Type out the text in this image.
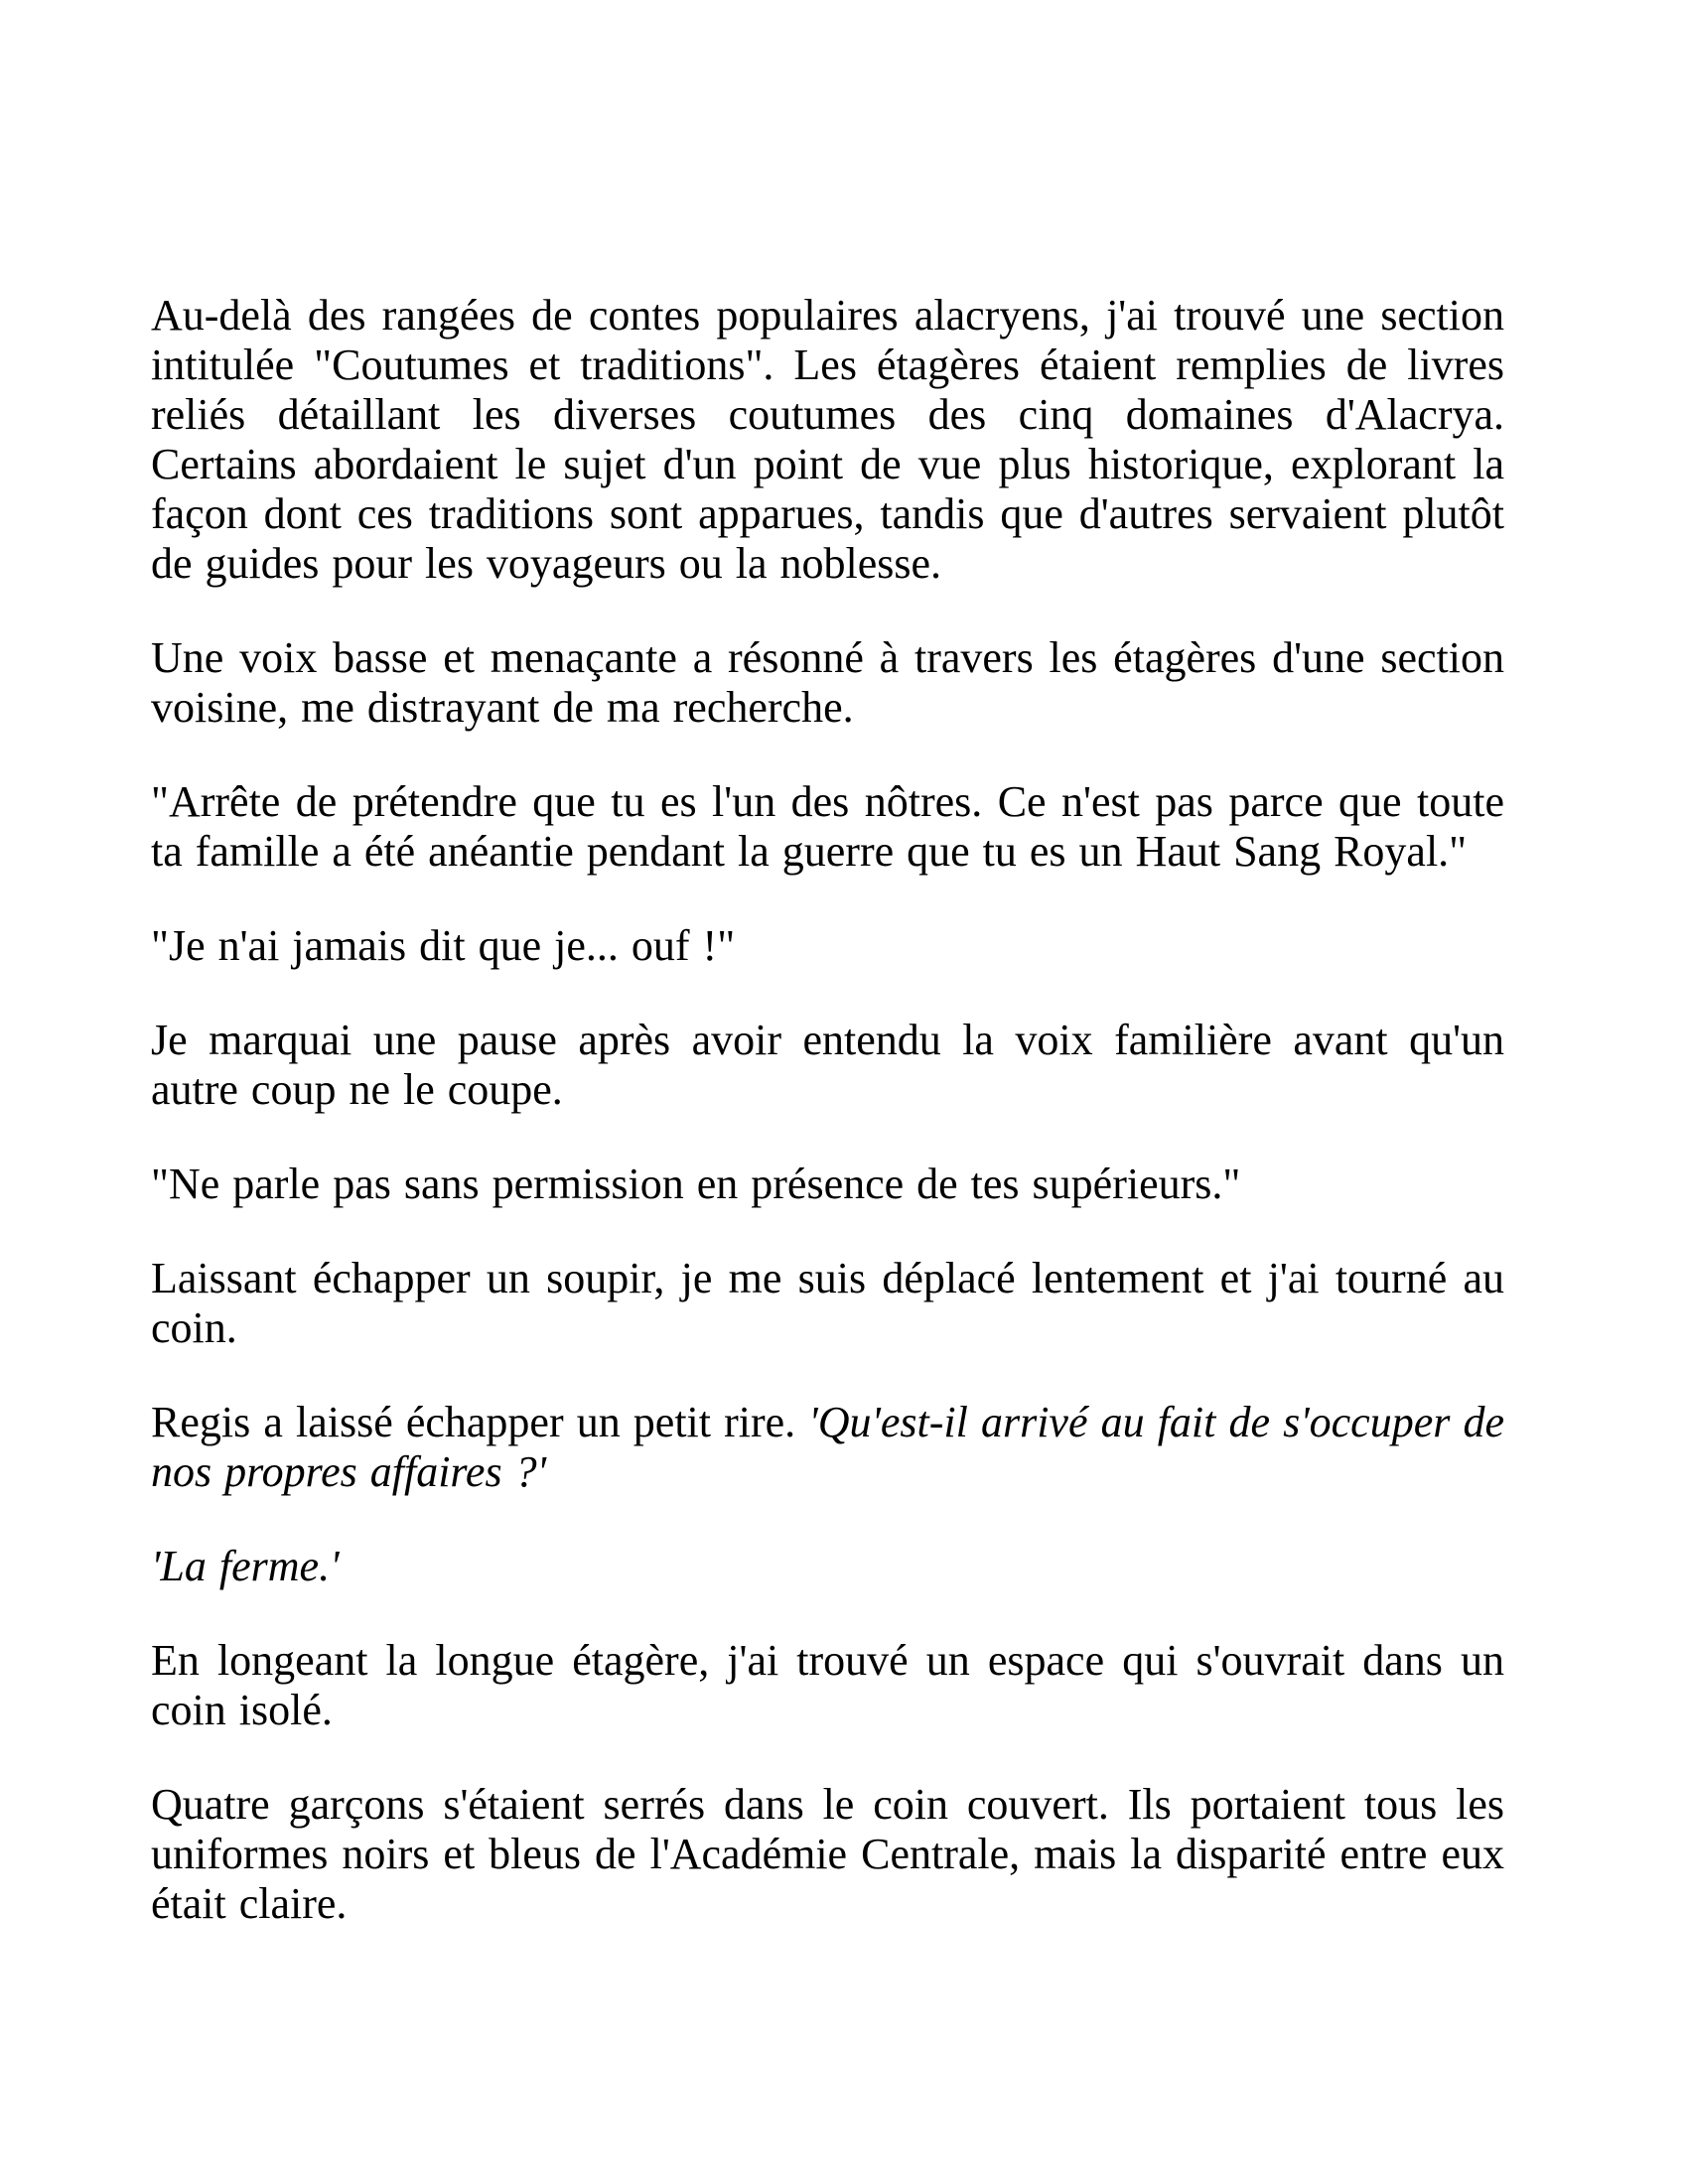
Au-delà des rangées de contes populaires alacryens, j'ai trouvé une section intitulée "Coutumes et traditions". Les étagères étaient remplies de livres reliés détaillant les diverses coutumes des cinq domaines d'Alacrya. Certains abordaient le sujet d'un point de vue plus historique, explorant la façon dont ces traditions sont apparues, tandis que d'autres servaient plutôt de guides pour les voyageurs ou la noblesse.

Une voix basse et menaçante a résonné à travers les étagères d'une section voisine, me distrayant de ma recherche.

"Arrête de prétendre que tu es l'un des nôtres. Ce n'est pas parce que toute ta famille a été anéantie pendant la guerre que tu es un Haut Sang Royal."

"Je n'ai jamais dit que je... ouf !"

Je marquai une pause après avoir entendu la voix familière avant qu'un autre coup ne le coupe.

"Ne parle pas sans permission en présence de tes supérieurs."

Laissant échapper un soupir, je me suis déplacé lentement et j'ai tourné au coin.

Regis a laissé échapper un petit rire. 'Qu'est-il arrivé au fait de s'occuper de nos propres affaires ?'

'La ferme.'

En longeant la longue étagère, j'ai trouvé un espace qui s'ouvrait dans un coin isolé.

Quatre garçons s'étaient serrés dans le coin couvert. Ils portaient tous les uniformes noirs et bleus de l'Académie Centrale, mais la disparité entre eux était claire.
